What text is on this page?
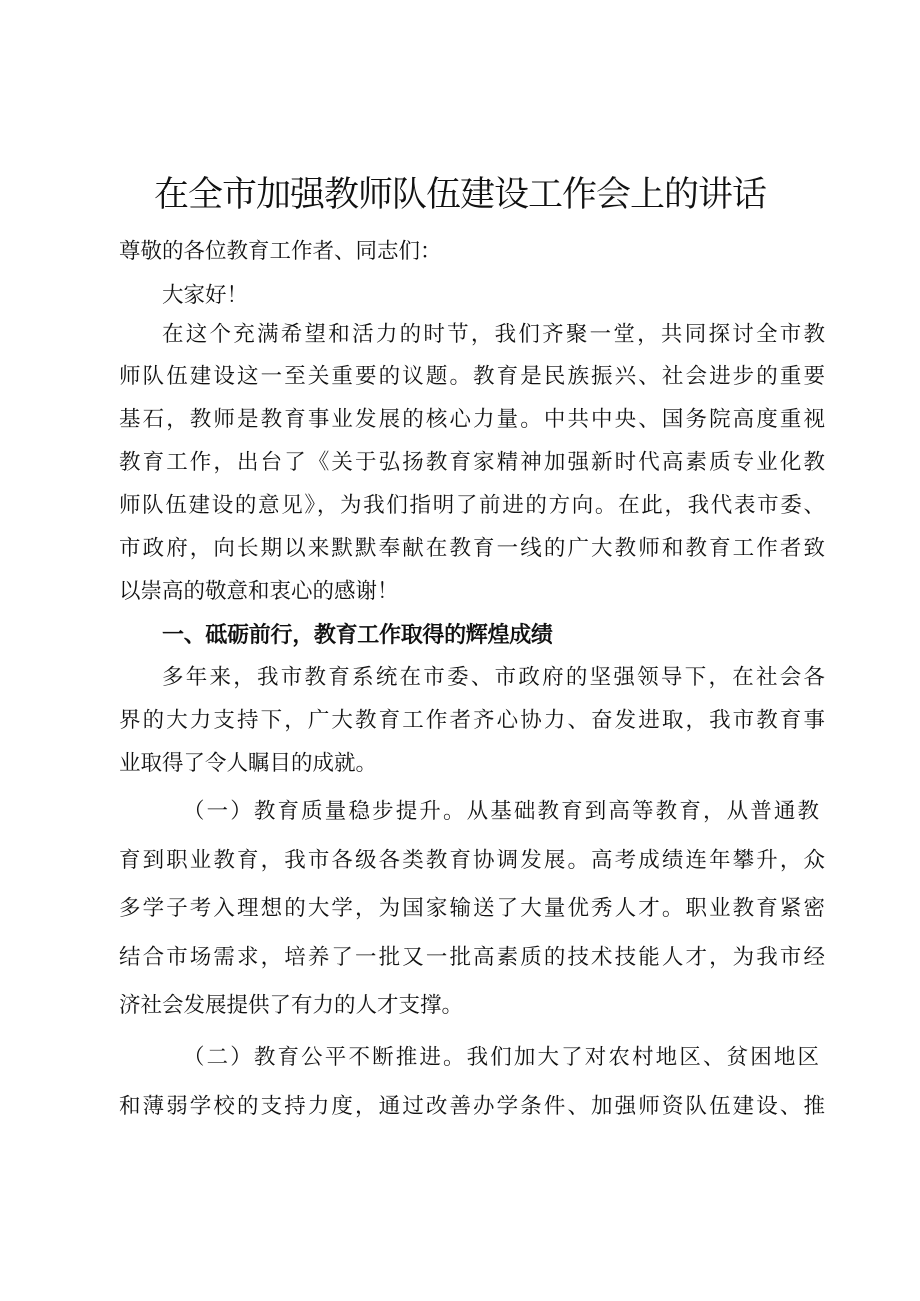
在全市加强教师队伍建设工作会上的讲话

尊敬的各位教育工作者、同志们：

大家好！

在这个充满希望和活力的时节，我们齐聚一堂，共同探讨全市教

师队伍建设这一至关重要的议题。教育是民族振兴、社会进步的重要

基石，教师是教育事业发展的核心力量。中共中央、国务院高度重视

教育工作，出台了《关于弘扬教育家精神加强新时代高素质专业化教

师队伍建设的意见》，为我们指明了前进的方向。在此，我代表市委、

市政府，向长期以来默默奉献在教育一线的广大教师和教育工作者致

以崇高的敬意和衷心的感谢！

一、砥砺前行，教育工作取得的辉煌成绩

多年来，我市教育系统在市委、市政府的坚强领导下，在社会各

界的大力支持下，广大教育工作者齐心协力、奋发进取，我市教育事

业取得了令人瞩目的成就。

（一）教育质量稳步提升。从基础教育到高等教育，从普通教

育到职业教育，我市各级各类教育协调发展。高考成绩连年攀升，众

多学子考入理想的大学，为国家输送了大量优秀人才。职业教育紧密

结合市场需求，培养了一批又一批高素质的技术技能人才，为我市经

济社会发展提供了有力的人才支撑。

（二）教育公平不断推进。我们加大了对农村地区、贫困地区

和薄弱学校的支持力度，通过改善办学条件、加强师资队伍建设、推
